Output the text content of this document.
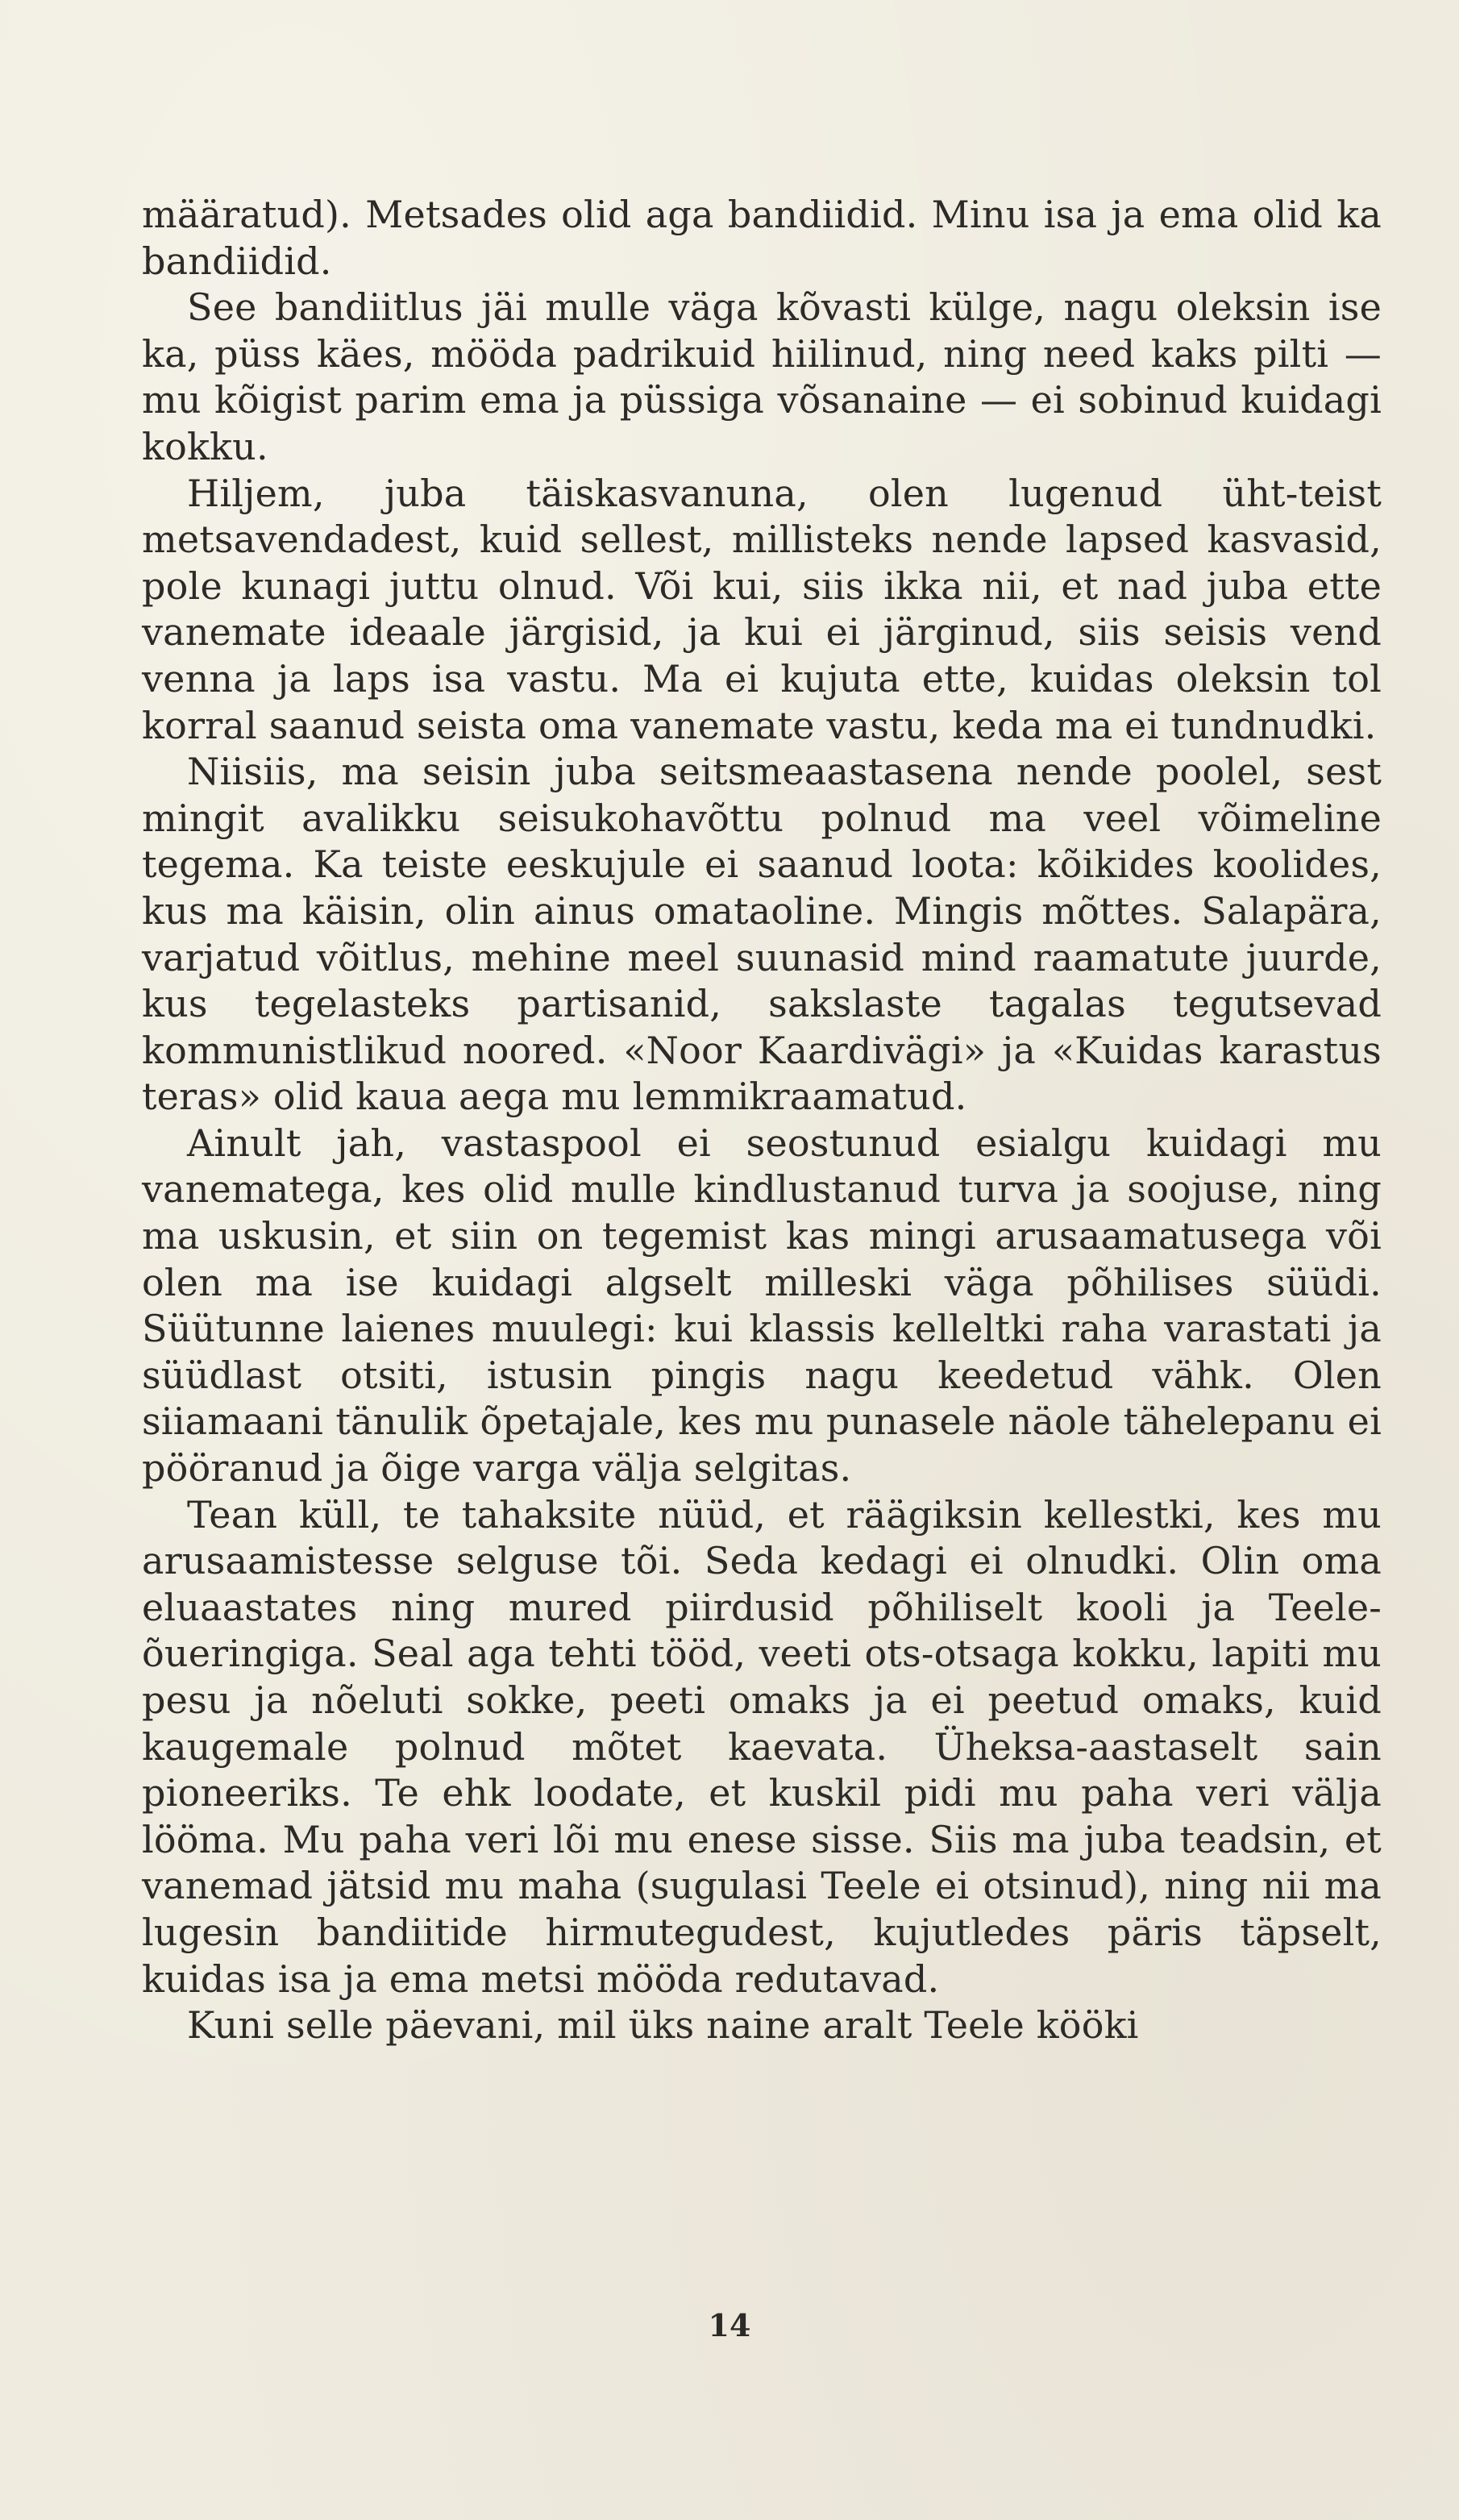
määratud). Metsades olid aga bandiidid. Minu isa ja ema olid ka bandiidid.

See bandiitlus jäi mulle väga kõvasti külge, nagu oleksin ise ka, püss käes, mööda padrikuid hiilinud, ning need kaks pilti — mu kõigist parim ema ja püssiga võsanaine — ei sobinud kuidagi kokku.

Hiljem, juba täiskasvanuna, olen lugenud üht-teist metsavendadest, kuid sellest, millisteks nende lapsed kasvasid, pole kunagi juttu olnud. Või kui, siis ikka nii, et nad juba ette vanemate ideaale järgisid, ja kui ei järginud, siis seisis vend venna ja laps isa vastu. Ma ei kujuta ette, kuidas oleksin tol korral saanud seista oma vanemate vastu, keda ma ei tundnudki.

Niisiis, ma seisin juba seitsmeaastasena nende poolel, sest mingit avalikku seisukohavõttu polnud ma veel võimeline tegema. Ka teiste eeskujule ei saanud loota: kõikides koolides, kus ma käisin, olin ainus omataoline. Mingis mõttes. Salapära, varjatud võitlus, mehine meel suunasid mind raamatute juurde, kus tegelasteks partisanid, sakslaste tagalas tegutsevad kommunistlikud noored. «Noor Kaardivägi» ja «Kuidas karastus teras» olid kaua aega mu lemmikraamatud.

Ainult jah, vastaspool ei seostunud esialgu kuidagi mu vanematega, kes olid mulle kindlustanud turva ja soojuse, ning ma uskusin, et siin on tegemist kas mingi arusaamatusega või olen ma ise kuidagi algselt milleski väga põhilises süüdi. Süütunne laienes muulegi: kui klassis kelleltki raha varastati ja süüdlast otsiti, istusin pingis nagu keedetud vähk. Olen siiamaani tänulik õpetajale, kes mu punasele näole tähelepanu ei pööranud ja õige varga välja selgitas.

Tean küll, te tahaksite nüüd, et räägiksin kellestki, kes mu arusaamistesse selguse tõi. Seda kedagi ei olnudki. Olin oma eluaastates ning mured piirdusid põhiliselt kooli ja Teele-õueringiga. Seal aga tehti tööd, veeti ots-otsaga kokku, lapiti mu pesu ja nõeluti sokke, peeti omaks ja ei peetud omaks, kuid kaugemale polnud mõtet kaevata. Üheksa-aastaselt sain pioneeriks. Te ehk loodate, et kuskil pidi mu paha veri välja lööma. Mu paha veri lõi mu enese sisse. Siis ma juba teadsin, et vanemad jätsid mu maha (sugulasi Teele ei otsinud), ning nii ma lugesin bandiitide hirmutegudest, kujutledes päris täpselt, kuidas isa ja ema metsi mööda redutavad.

Kuni selle päevani, mil üks naine aralt Teele kööki

14
